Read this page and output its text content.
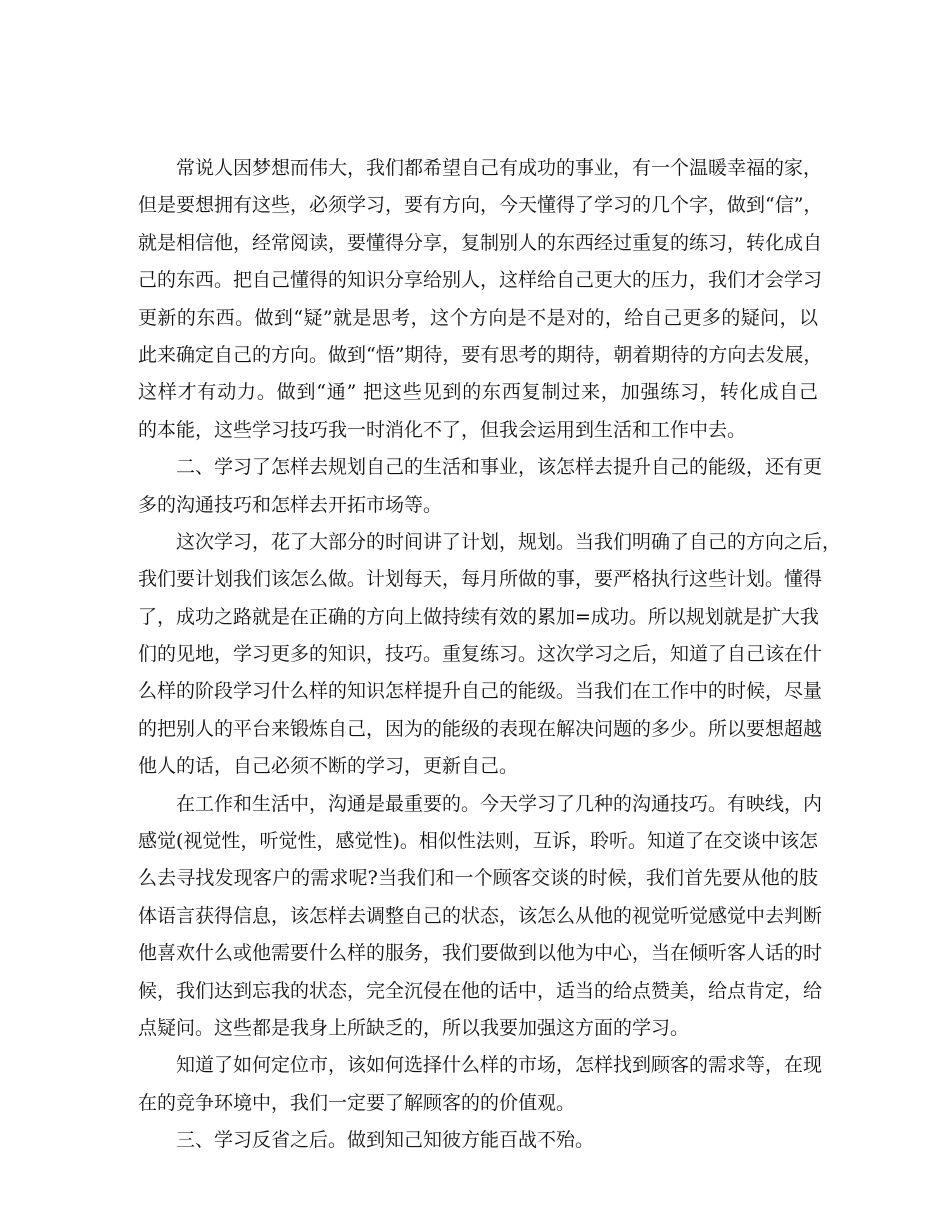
常说人因梦想而伟大，我们都希望自己有成功的事业，有一个温暖幸福的家，
但是要想拥有这些，必须学习，要有方向，今天懂得了学习的几个字，做到“信”，
就是相信他，经常阅读，要懂得分享，复制别人的东西经过重复的练习，转化成自
己的东西。把自己懂得的知识分享给别人，这样给自己更大的压力，我们才会学习
更新的东西。做到“疑”就是思考，这个方向是不是对的，给自己更多的疑问，以
此来确定自己的方向。做到“悟”期待，要有思考的期待，朝着期待的方向去发展，
这样才有动力。做到“通” 把这些见到的东西复制过来，加强练习，转化成自己
的本能，这些学习技巧我一时消化不了，但我会运用到生活和工作中去。
二、学习了怎样去规划自己的生活和事业，该怎样去提升自己的能级，还有更
多的沟通技巧和怎样去开拓市场等。
这次学习，花了大部分的时间讲了计划，规划。当我们明确了自己的方向之后，
我们要计划我们该怎么做。计划每天，每月所做的事，要严格执行这些计划。懂得
了，成功之路就是在正确的方向上做持续有效的累加=成功。所以规划就是扩大我
们的见地，学习更多的知识，技巧。重复练习。这次学习之后，知道了自己该在什
么样的阶段学习什么样的知识怎样提升自己的能级。当我们在工作中的时候，尽量
的把别人的平台来锻炼自己，因为的能级的表现在解决问题的多少。所以要想超越
他人的话，自己必须不断的学习，更新自己。
在工作和生活中，沟通是最重要的。今天学习了几种的沟通技巧。有映线，内
感觉(视觉性，听觉性，感觉性)。相似性法则，互诉，聆听。知道了在交谈中该怎
么去寻找发现客户的需求呢?当我们和一个顾客交谈的时候，我们首先要从他的肢
体语言获得信息，该怎样去调整自己的状态，该怎么从他的视觉听觉感觉中去判断
他喜欢什么或他需要什么样的服务，我们要做到以他为中心，当在倾听客人话的时
候，我们达到忘我的状态，完全沉侵在他的话中，适当的给点赞美，给点肯定，给
点疑问。这些都是我身上所缺乏的，所以我要加强这方面的学习。
知道了如何定位市，该如何选择什么样的市场，怎样找到顾客的需求等，在现
在的竞争环境中，我们一定要了解顾客的的价值观。
三、学习反省之后。做到知己知彼方能百战不殆。
